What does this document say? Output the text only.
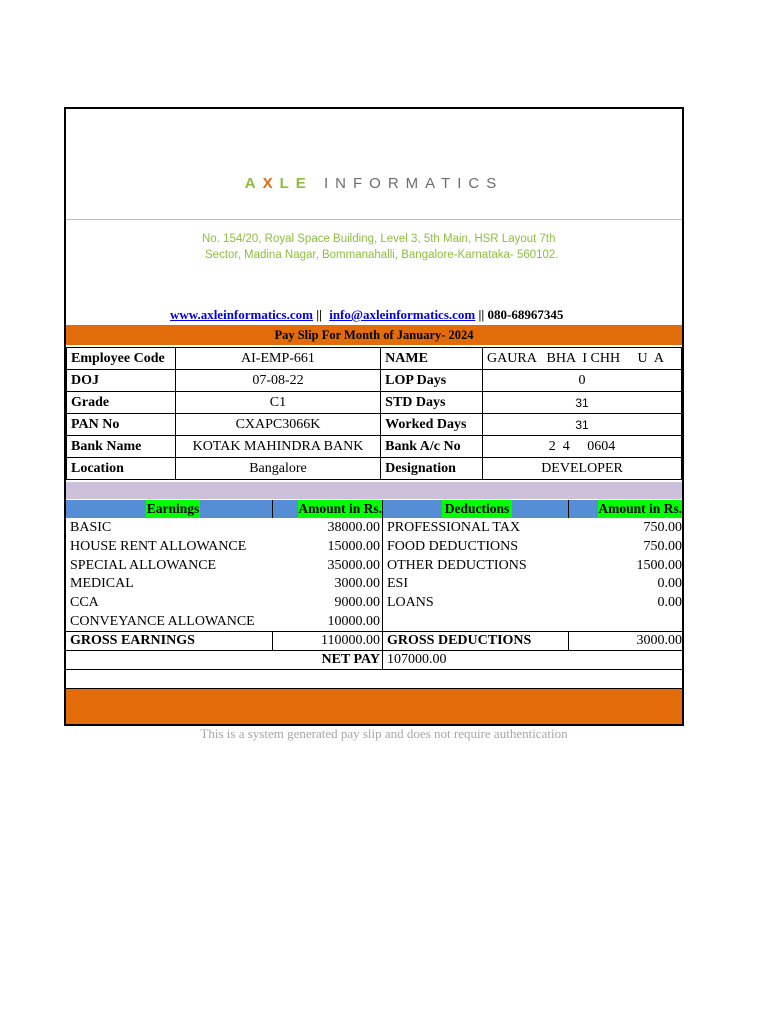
AXLE INFORMATICS
No. 154/20, Royal Space Building, Level 3, 5th Main, HSR Layout 7th
Sector, Madina Nagar, Bommanahalli, Bangalore-Karnataka- 560102.
www.axleinformatics.com || info@axleinformatics.com || 080-68967345
Pay Slip For Month of January- 2024
Employee Code	AI-EMP-661	NAME	GAURA   BHA  I CHH     U  A
DOJ	07-08-22	LOP Days	0
Grade	C1	STD Days	31
PAN No	CXAPC3066K	Worked Days	31
Bank Name	KOTAK MAHINDRA BANK	Bank A/c No	2  4     0604
Location	Bangalore	Designation	DEVELOPER
Earnings	Amount in Rs.	Deductions	Amount in Rs.
BASIC	38000.00 PROFESSIONAL TAX	750.00
HOUSE RENT ALLOWANCE	15000.00 FOOD DEDUCTIONS	750.00
SPECIAL ALLOWANCE	35000.00 OTHER DEDUCTIONS	1500.00
MEDICAL	3000.00 ESI	0.00
CCA	9000.00 LOANS	0.00
CONVEYANCE ALLOWANCE	10000.00
GROSS EARNINGS	110000.00 GROSS DEDUCTIONS	3000.00
NET PAY 107000.00
This is a system generated pay slip and does not require authentication
